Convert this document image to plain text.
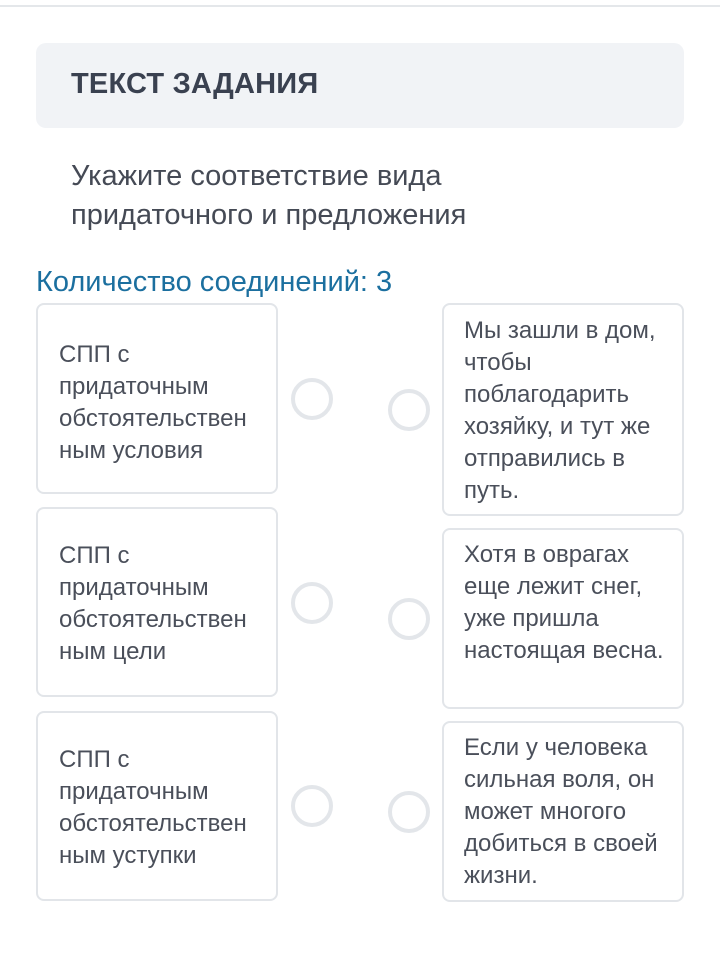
ТЕКСТ ЗАДАНИЯ
Укажите соответствие вида придаточного и предложения
Количество соединений: 3
СПП с придаточным обстоятельствен ным условия
СПП с придаточным обстоятельствен ным цели
СПП с придаточным обстоятельствен ным уступки
Мы зашли в дом, чтобы поблагодарить хозяйку, и тут же отправились в путь.
Хотя в оврагах еще лежит снег, уже пришла настоящая весна.
Если у человека сильная воля, он может многого добиться в своей жизни.
